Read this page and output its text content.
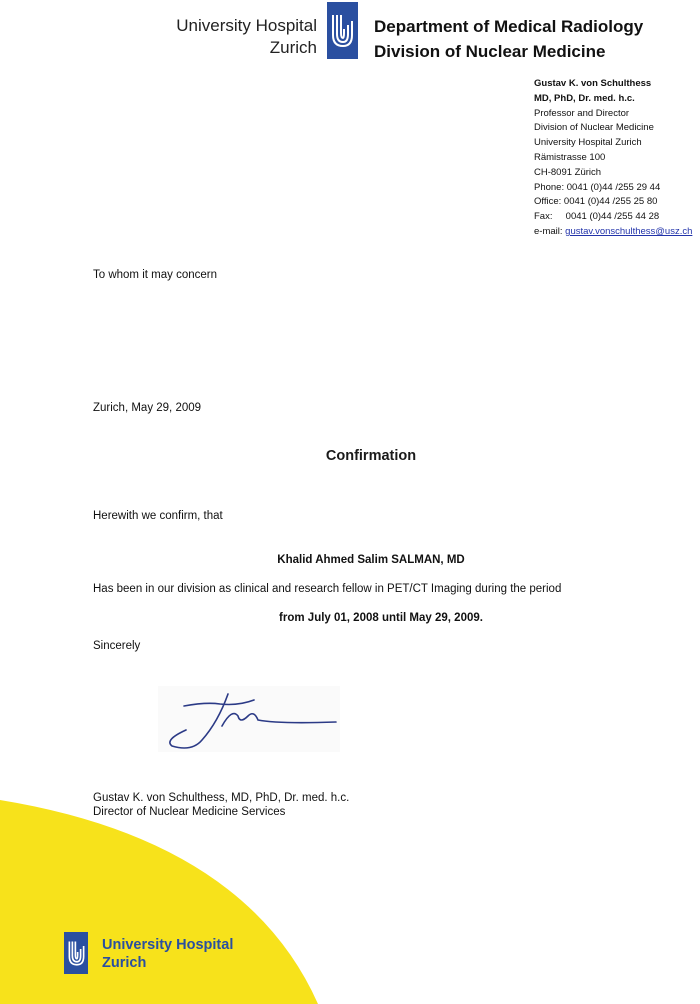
University Hospital
Zurich
Department of Medical Radiology
Division of Nuclear Medicine
Gustav K. von Schulthess
MD, PhD, Dr. med. h.c.
Professor and Director
Division of Nuclear Medicine
University Hospital Zurich
Rämistrasse 100
CH-8091 Zürich
Phone: 0041 (0)44 /255 29 44
Office: 0041 (0)44 /255 25 80
Fax:     0041 (0)44 /255 44 28
e-mail: gustav.vonschulthess@usz.ch
To whom it may concern
Zurich, May 29, 2009
Confirmation
Herewith we confirm, that
Khalid Ahmed Salim SALMAN, MD
Has been in our division as clinical and research fellow in PET/CT Imaging during the period
from July 01, 2008 until May 29, 2009.
Sincerely
Gustav K. von Schulthess, MD, PhD, Dr. med. h.c.
Director of Nuclear Medicine Services
University Hospital
Zurich
